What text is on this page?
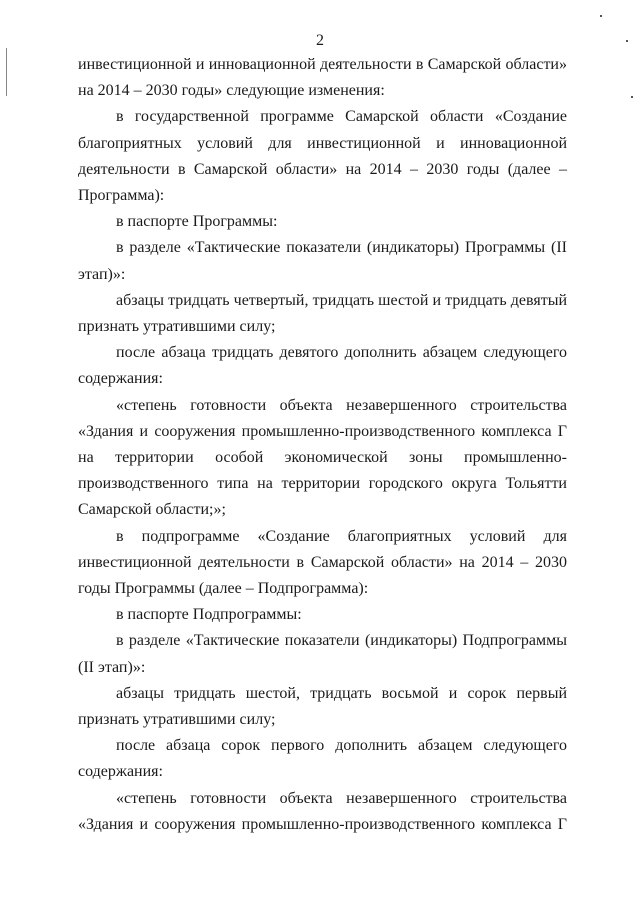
2

инвестиционной и инновационной деятельности в Самарской области» на 2014 – 2030 годы» следующие изменения:

в государственной программе Самарской области «Создание благоприятных условий для инвестиционной и инновационной деятельности в Самарской области» на 2014 – 2030 годы (далее – Программа):

в паспорте Программы:

в разделе «Тактические показатели (индикаторы) Программы (II этап)»:

абзацы тридцать четвертый, тридцать шестой и тридцать девятый признать утратившими силу;

после абзаца тридцать девятого дополнить абзацем следующего содержания:

«степень готовности объекта незавершенного строительства «Здания и сооружения промышленно-производственного комплекса Г на территории особой экономической зоны промышленно-производственного типа на территории городского округа Тольятти Самарской области;»;

в подпрограмме «Создание благоприятных условий для инвестиционной деятельности в Самарской области» на 2014 – 2030 годы Программы (далее – Подпрограмма):

в паспорте Подпрограммы:

в разделе «Тактические показатели (индикаторы) Подпрограммы (II этап)»:

абзацы тридцать шестой, тридцать восьмой и сорок первый признать утратившими силу;

после абзаца сорок первого дополнить абзацем следующего содержания:

«степень готовности объекта незавершенного строительства «Здания и сооружения промышленно-производственного комплекса Г
